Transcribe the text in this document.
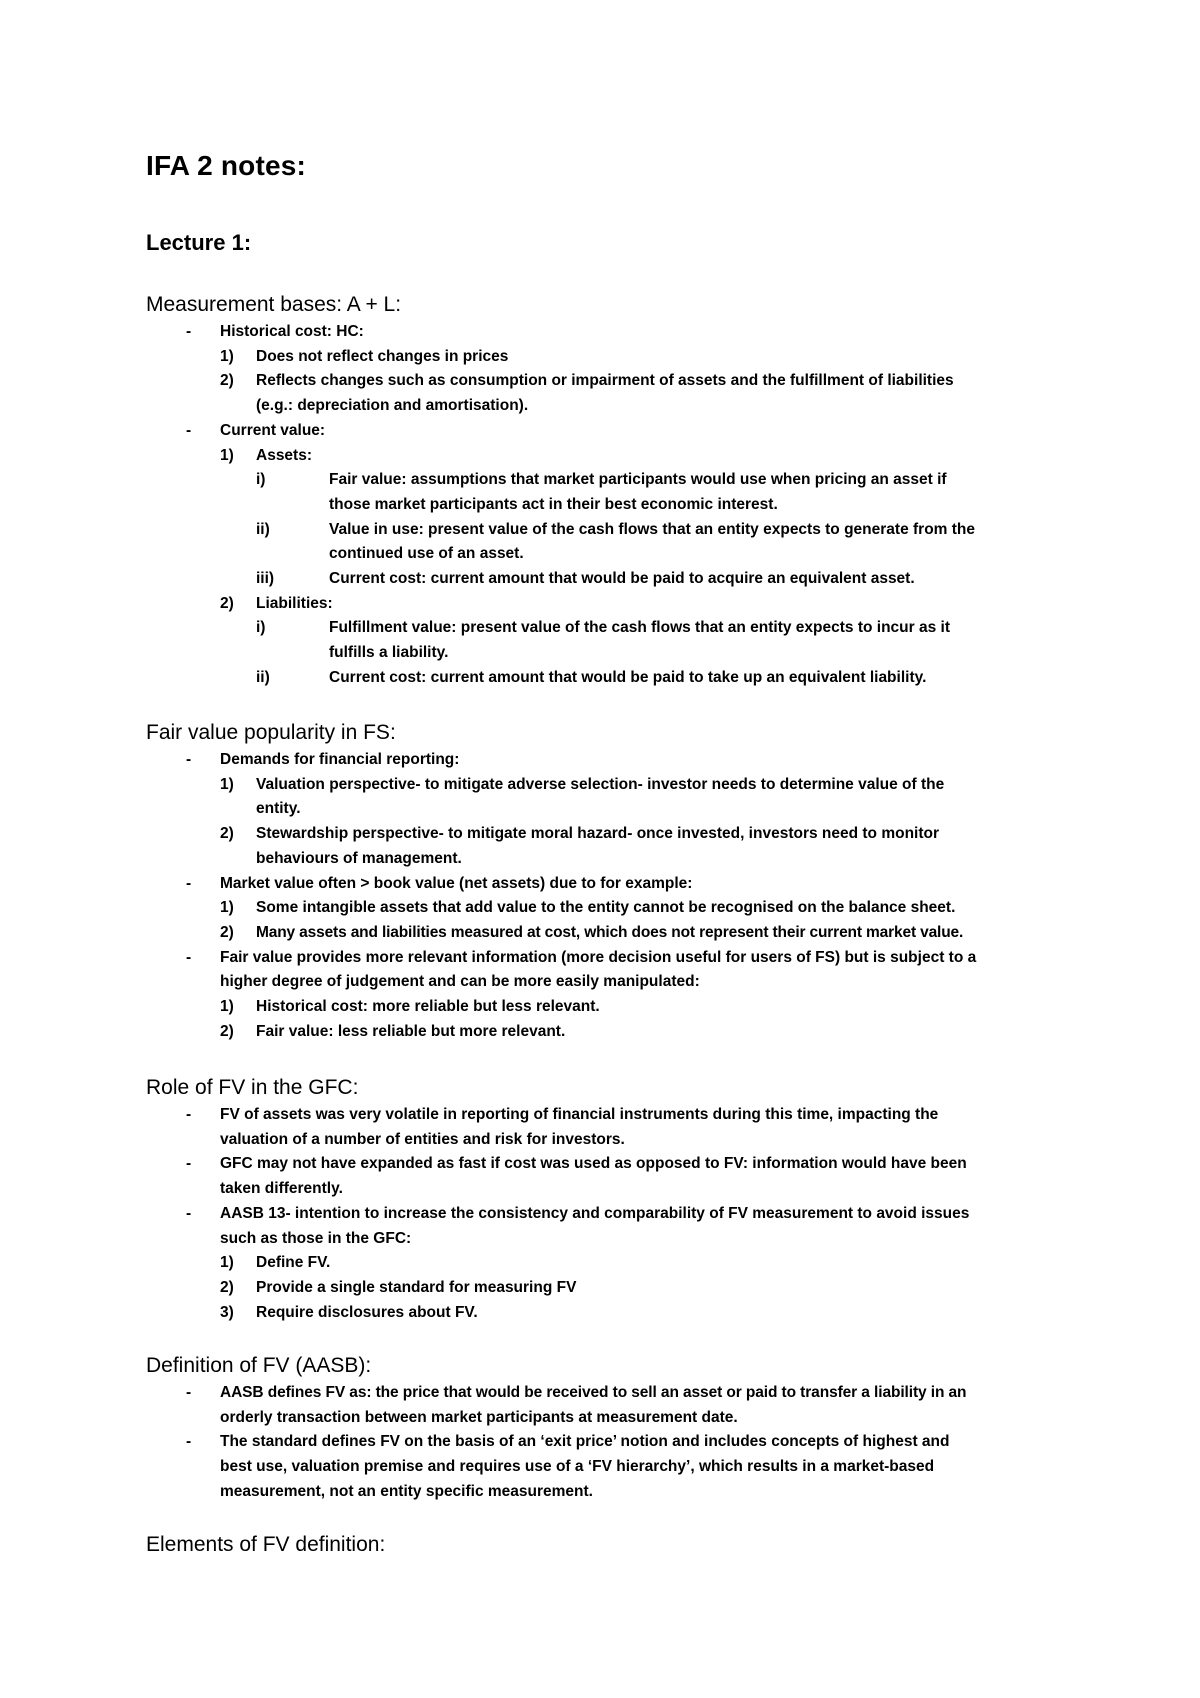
IFA 2 notes:
Lecture 1:
Measurement bases: A + L:
- Historical cost: HC:
1) Does not reflect changes in prices
2) Reflects changes such as consumption or impairment of assets and the fulfillment of liabilities
(e.g.: depreciation and amortisation).
- Current value:
1) Assets:
i)	Fair value: assumptions that market participants would use when pricing an asset if
those market participants act in their best economic interest.
ii)	Value in use: present value of the cash flows that an entity expects to generate from the
continued use of an asset.
iii)	Current cost: current amount that would be paid to acquire an equivalent asset.
2) Liabilities:
i)	Fulfillment value: present value of the cash flows that an entity expects to incur as it
fulfills a liability.
ii)	Current cost: current amount that would be paid to take up an equivalent liability.
Fair value popularity in FS:
- Demands for financial reporting:
1) Valuation perspective- to mitigate adverse selection- investor needs to determine value of the
entity.
2) Stewardship perspective- to mitigate moral hazard- once invested, investors need to monitor
behaviours of management.
- Market value often > book value (net assets) due to for example:
1) Some intangible assets that add value to the entity cannot be recognised on the balance sheet.
2) Many assets and liabilities measured at cost, which does not represent their current market value.
- Fair value provides more relevant information (more decision useful for users of FS) but is subject to a
higher degree of judgement and can be more easily manipulated:
1) Historical cost: more reliable but less relevant.
2) Fair value: less reliable but more relevant.
Role of FV in the GFC:
- FV of assets was very volatile in reporting of financial instruments during this time, impacting the
valuation of a number of entities and risk for investors.
- GFC may not have expanded as fast if cost was used as opposed to FV: information would have been
taken differently.
- AASB 13- intention to increase the consistency and comparability of FV measurement to avoid issues
such as those in the GFC:
1) Define FV.
2) Provide a single standard for measuring FV
3) Require disclosures about FV.
Definition of FV (AASB):
- AASB defines FV as: the price that would be received to sell an asset or paid to transfer a liability in an
orderly transaction between market participants at measurement date.
- The standard defines FV on the basis of an ‘exit price’ notion and includes concepts of highest and
best use, valuation premise and requires use of a ‘FV hierarchy’, which results in a market-based
measurement, not an entity specific measurement.
Elements of FV definition:
